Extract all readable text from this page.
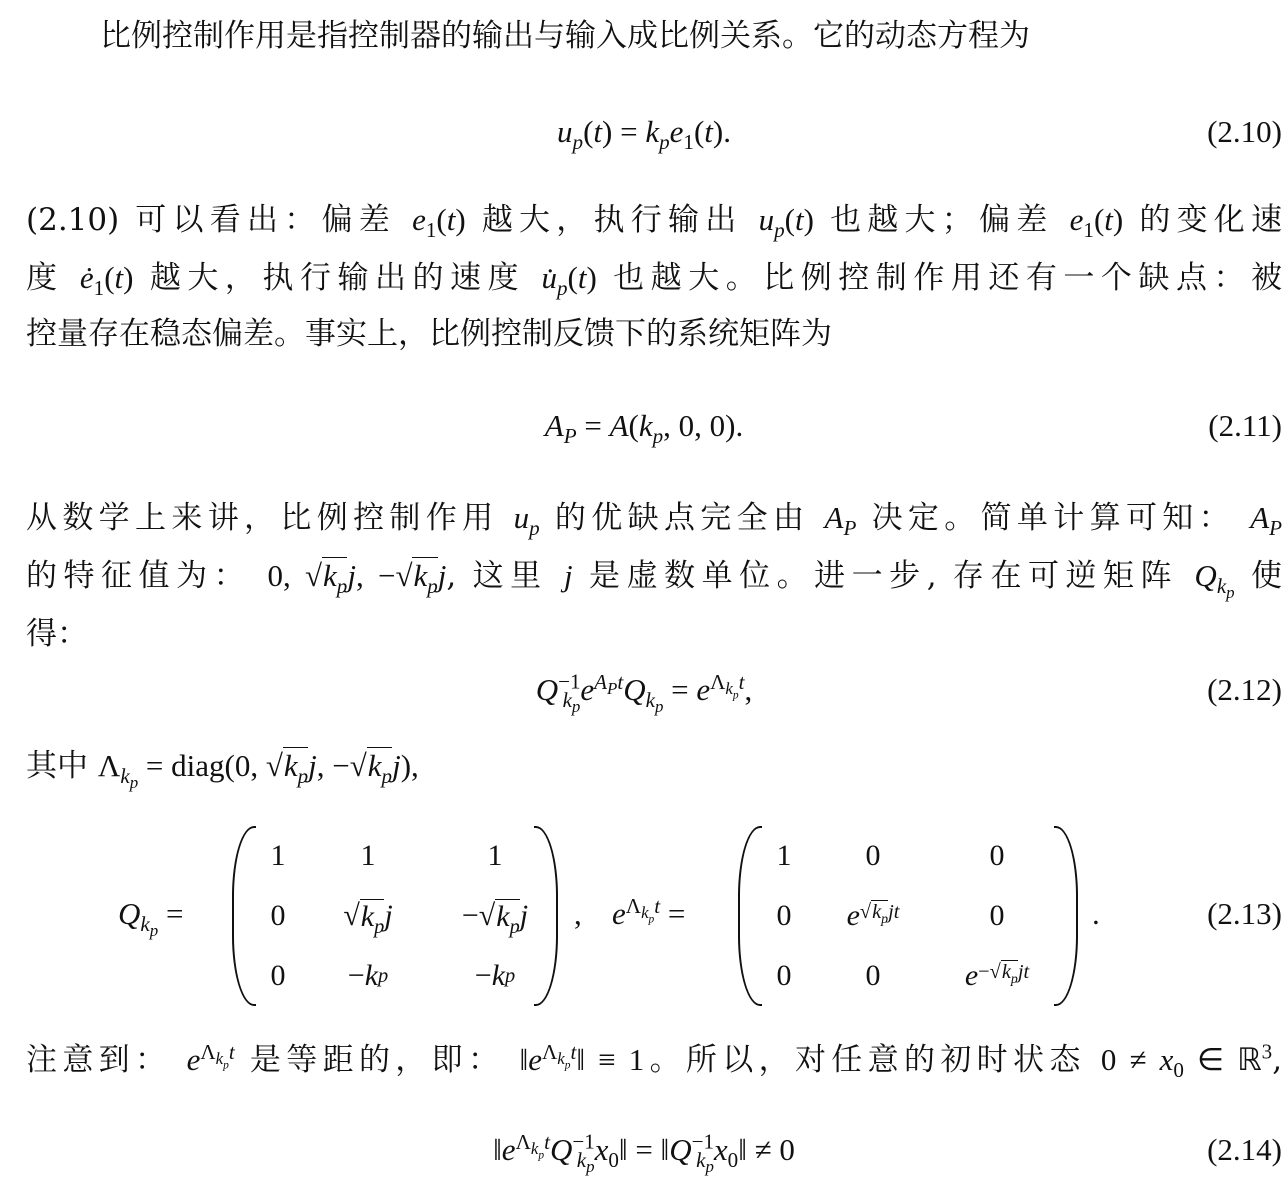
比例控制作用是指控制器的输出与输入成比例关系。它的动态方程为
$u_p(t) = k_pe_1(t)$.	(2.10)
(2.10) 可以看出：偏差 $e_1(t)$ 越大，执行输出 $u_p(t)$ 也越大；偏差 $e_1(t)$ 的变化速
度 $ė_1(t)$ 越大，执行输出的速度 $u̇_p(t)$ 也越大。比例控制作用还有一个缺点：被
控量存在稳态偏差。事实上，比例控制反馈下的系统矩阵为
$A_P = A(k_p$, 0, 0).	(2.11)
从数学上来讲，比例控制作用 $u_p$ 的优缺点完全由 $A_P$ 决定。简单计算可知： $A_P$
的特征值为： 0, $√k_pj$, $-√k_pj$, 这里 j 是虚数单位。进一步, 存在可逆矩阵 $Q_{k_p}$ 使
得：
$Q^{-1}_{k_p}e^{A_Pt}Q_{k_p} = e^{\Lambda_{k_p}t}$,	(2.12)
其中 $\Lambda_{k_p}$ = diag(0, $√k_pj$, $-√k_pj$),
$Q_{k_p}$ =
1	1	1
0	√ $k_p$ j	−√ $k_p$ j
0	− k p	− k p
, $e^{\Lambda_{k_p}t}$ =
1	0	0
0	e $√k_pjt$	0
0	0	$e -√k_pjt$
.	(2.13)
注意到： $e^{\Lambda_{k_p}t}$ 是等距的，即： $‖e^{\Lambda_{k_p}t}‖ \equiv 1$。所以，对任意的初时状态 $0 \ne x_0$ ∈ ℝ$^3$,
$‖e^{\Lambda_{k_p}t}Q^{-1}_{k_p}x_0‖$ = $‖Q^{-1}_{k_p}x_0‖ \ne 0$	(2.14)
